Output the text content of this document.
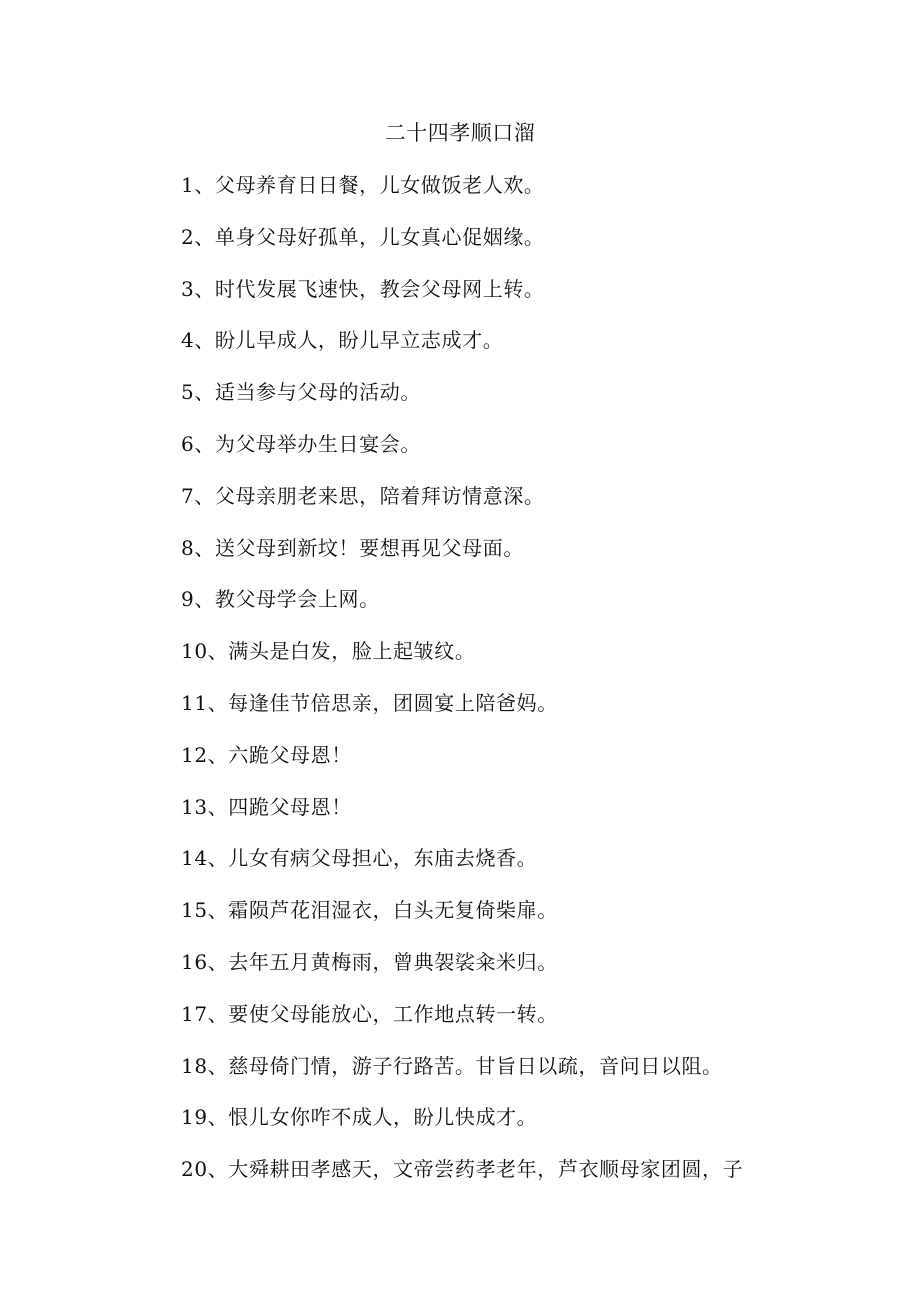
二十四孝顺口溜
1、父母养育日日餐，儿女做饭老人欢。
2、单身父母好孤单，儿女真心促姻缘。
3、时代发展飞速快，教会父母网上转。
4、盼儿早成人，盼儿早立志成才。
5、适当参与父母的活动。
6、为父母举办生日宴会。
7、父母亲朋老来思，陪着拜访情意深。
8、送父母到新坟！要想再见父母面。
9、教父母学会上网。
10、满头是白发，脸上起皱纹。
11、每逢佳节倍思亲，团圆宴上陪爸妈。
12、六跪父母恩！
13、四跪父母恩！
14、儿女有病父母担心，东庙去烧香。
15、霜陨芦花泪湿衣，白头无复倚柴扉。
16、去年五月黄梅雨，曾典袈裟籴米归。
17、要使父母能放心，工作地点转一转。
18、慈母倚门情，游子行路苦。甘旨日以疏，音问日以阻。
19、恨儿女你咋不成人，盼儿快成才。
20、大舜耕田孝感天，文帝尝药孝老年，芦衣顺母家团圆，子
